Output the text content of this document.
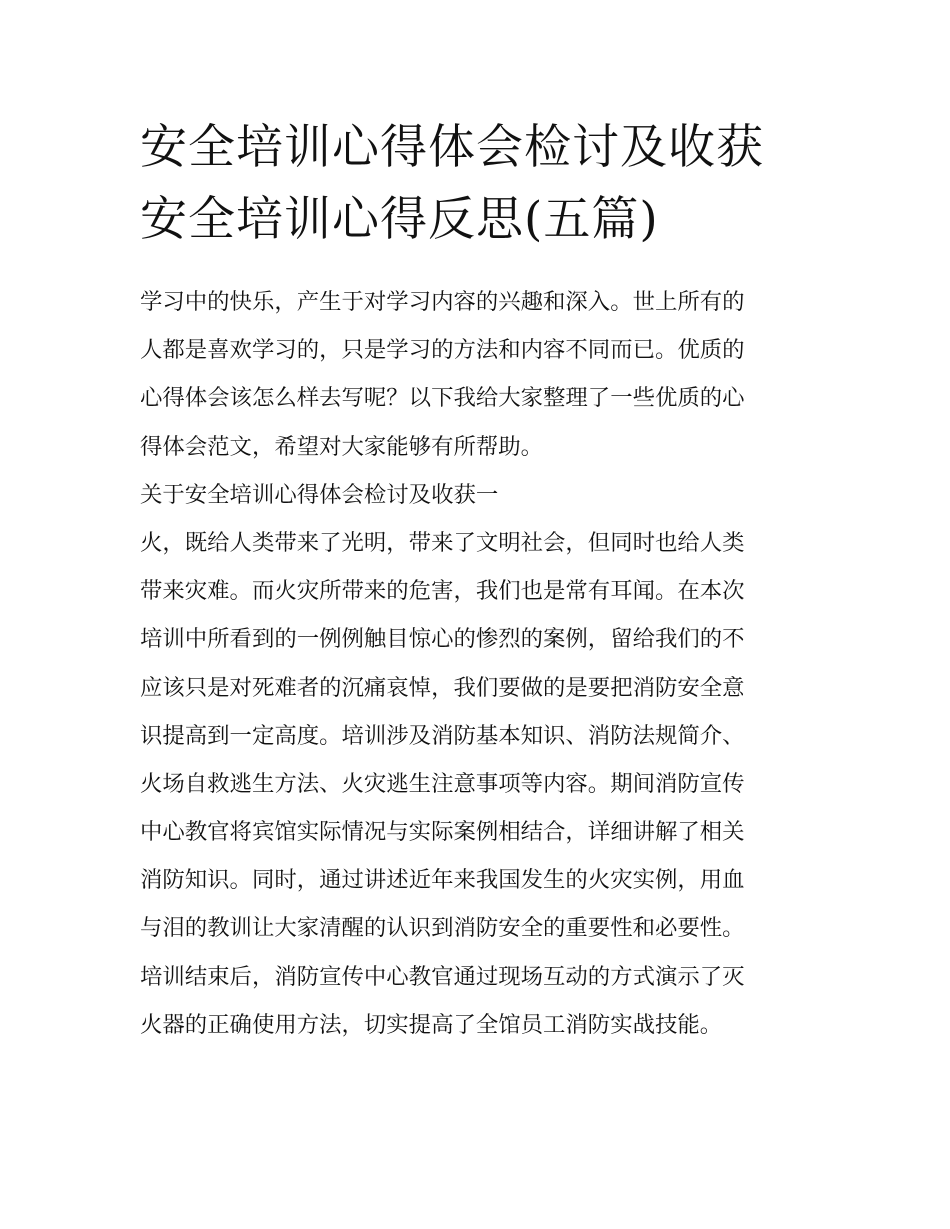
安全培训心得体会检讨及收获
安全培训心得反思(五篇)
学习中的快乐，产生于对学习内容的兴趣和深入。世上所有的
人都是喜欢学习的，只是学习的方法和内容不同而已。优质的
心得体会该怎么样去写呢？以下我给大家整理了一些优质的心
得体会范文，希望对大家能够有所帮助。
关于安全培训心得体会检讨及收获一
火，既给人类带来了光明，带来了文明社会，但同时也给人类
带来灾难。而火灾所带来的危害，我们也是常有耳闻。在本次
培训中所看到的一例例触目惊心的惨烈的案例，留给我们的不
应该只是对死难者的沉痛哀悼，我们要做的是要把消防安全意
识提高到一定高度。培训涉及消防基本知识、消防法规简介、
火场自救逃生方法、火灾逃生注意事项等内容。期间消防宣传
中心教官将宾馆实际情况与实际案例相结合，详细讲解了相关
消防知识。同时，通过讲述近年来我国发生的火灾实例，用血
与泪的教训让大家清醒的认识到消防安全的重要性和必要性。
培训结束后，消防宣传中心教官通过现场互动的方式演示了灭
火器的正确使用方法，切实提高了全馆员工消防实战技能。
